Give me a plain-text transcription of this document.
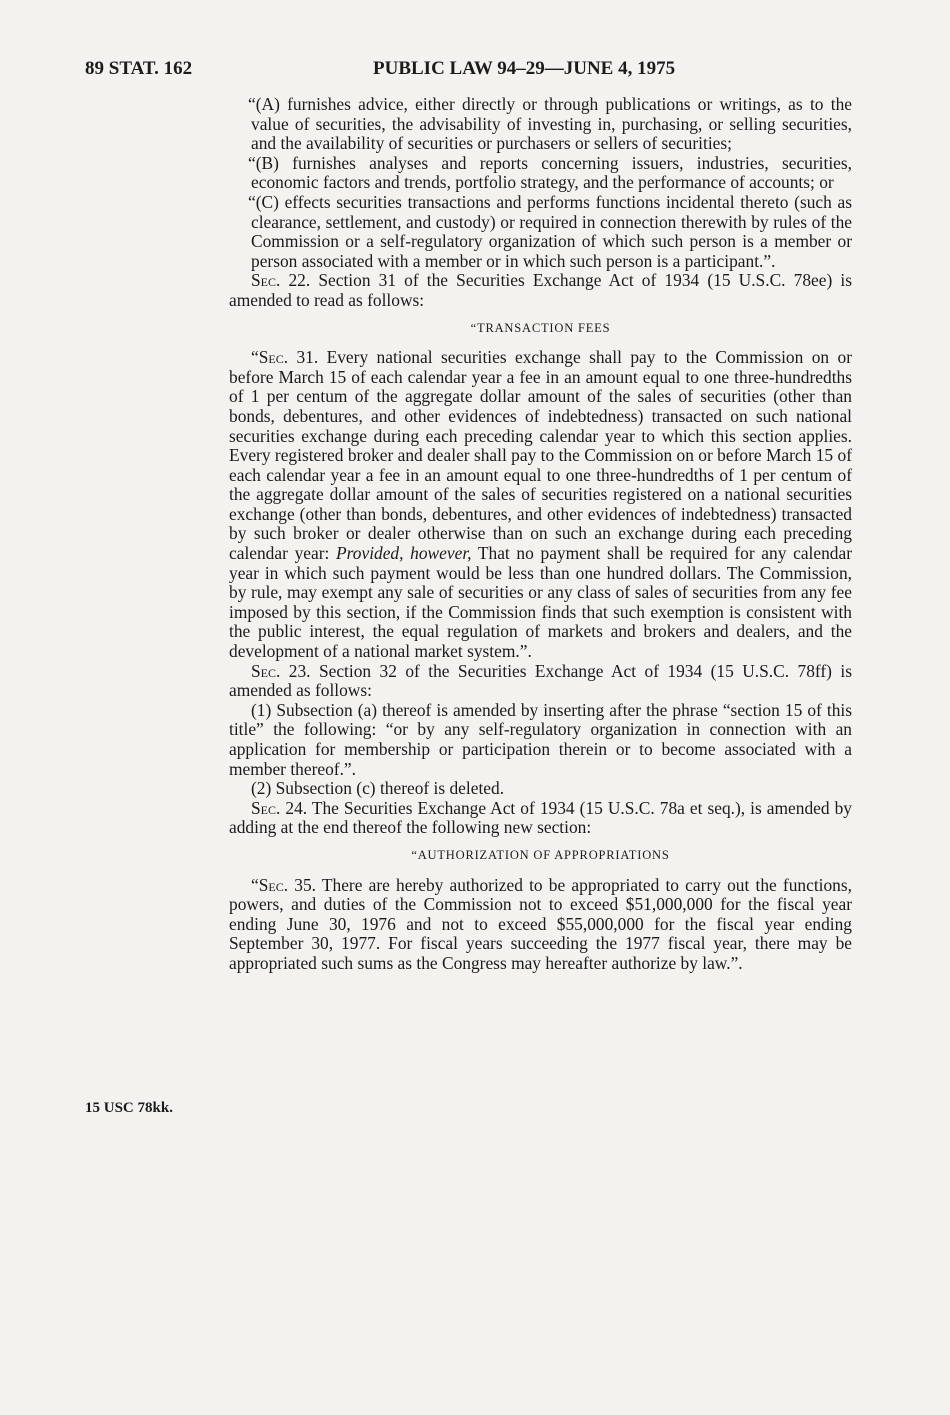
89 STAT. 162	PUBLIC LAW 94–29—JUNE 4, 1975
15 USC 78kk.

“(A) furnishes advice, either directly or through publications or writings, as to the value of securities, the advisability of investing in, purchasing, or selling securities, and the availability of securities or purchasers or sellers of securities;

“(B) furnishes analyses and reports concerning issuers, industries, securities, economic factors and trends, portfolio strategy, and the performance of accounts; or

“(C) effects securities transactions and performs functions incidental thereto (such as clearance, settlement, and custody) or required in connection therewith by rules of the Commission or a self-regulatory organization of which such person is a member or person associated with a member or in which such person is a participant.”.

Sec. 22. Section 31 of the Securities Exchange Act of 1934 (15 U.S.C. 78ee) is amended to read as follows:

“TRANSACTION FEES

“Sec. 31. Every national securities exchange shall pay to the Commission on or before March 15 of each calendar year a fee in an amount equal to one three-hundredths of 1 per centum of the aggregate dollar amount of the sales of securities (other than bonds, debentures, and other evidences of indebtedness) transacted on such national securities exchange during each preceding calendar year to which this section applies. Every registered broker and dealer shall pay to the Commission on or before March 15 of each calendar year a fee in an amount equal to one three-hundredths of 1 per centum of the aggregate dollar amount of the sales of securities registered on a national securities exchange (other than bonds, debentures, and other evidences of indebtedness) transacted by such broker or dealer otherwise than on such an exchange during each preceding calendar year: Provided, however, That no payment shall be required for any calendar year in which such payment would be less than one hundred dollars. The Commission, by rule, may exempt any sale of securities or any class of sales of securities from any fee imposed by this section, if the Commission finds that such exemption is consistent with the public interest, the equal regulation of markets and brokers and dealers, and the development of a national market system.”.

Sec. 23. Section 32 of the Securities Exchange Act of 1934 (15 U.S.C. 78ff) is amended as follows:

(1) Subsection (a) thereof is amended by inserting after the phrase “section 15 of this title” the following: “or by any self-regulatory organization in connection with an application for membership or participation therein or to become associated with a member thereof.”.

(2) Subsection (c) thereof is deleted.

Sec. 24. The Securities Exchange Act of 1934 (15 U.S.C. 78a et seq.), is amended by adding at the end thereof the following new section:

“AUTHORIZATION OF APPROPRIATIONS

“Sec. 35. There are hereby authorized to be appropriated to carry out the functions, powers, and duties of the Commission not to exceed $51,000,000 for the fiscal year ending June 30, 1976 and not to exceed $55,000,000 for the fiscal year ending September 30, 1977. For fiscal years succeeding the 1977 fiscal year, there may be appropriated such sums as the Congress may hereafter authorize by law.”.
